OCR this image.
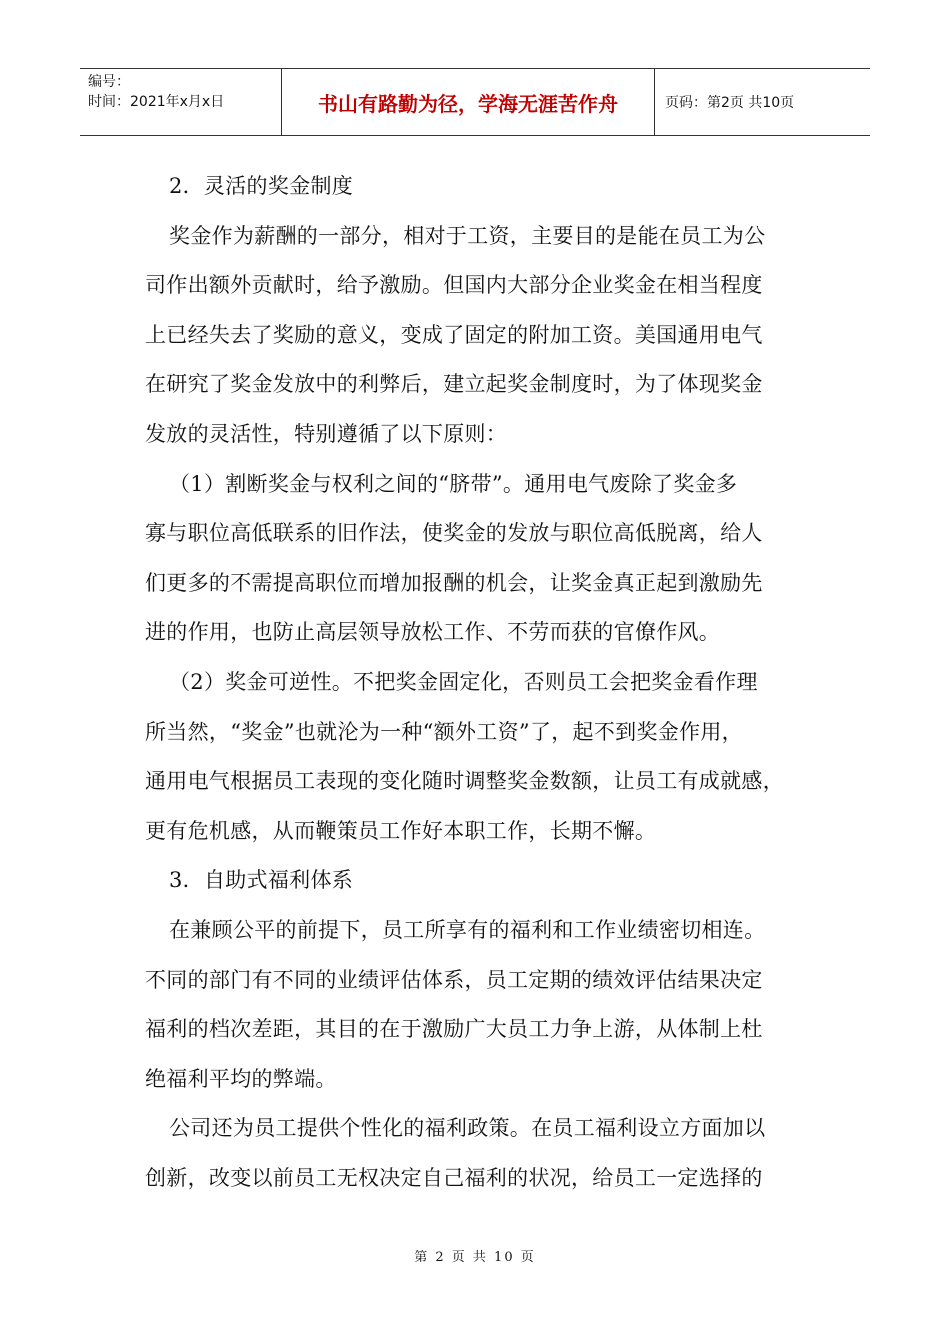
编号：
时间：2021年x月x日	书山有路勤为径，学海无涯苦作舟	页码：第2页 共10页
2．灵活的奖金制度
奖金作为薪酬的一部分，相对于工资，主要目的是能在员工为公
司作出额外贡献时，给予激励。但国内大部分企业奖金在相当程度
上已经失去了奖励的意义，变成了固定的附加工资。美国通用电气
在研究了奖金发放中的利弊后，建立起奖金制度时，为了体现奖金
发放的灵活性，特别遵循了以下原则：
（1）割断奖金与权利之间的“脐带”。通用电气废除了奖金多
寡与职位高低联系的旧作法，使奖金的发放与职位高低脱离，给人
们更多的不需提高职位而增加报酬的机会，让奖金真正起到激励先
进的作用，也防止高层领导放松工作、不劳而获的官僚作风。
（2）奖金可逆性。不把奖金固定化，否则员工会把奖金看作理
所当然，“奖金”也就沦为一种“额外工资”了，起不到奖金作用，
通用电气根据员工表现的变化随时调整奖金数额，让员工有成就感，
更有危机感，从而鞭策员工作好本职工作，长期不懈。
3．自助式福利体系
在兼顾公平的前提下，员工所享有的福利和工作业绩密切相连。
不同的部门有不同的业绩评估体系，员工定期的绩效评估结果决定
福利的档次差距，其目的在于激励广大员工力争上游，从体制上杜
绝福利平均的弊端。
公司还为员工提供个性化的福利政策。在员工福利设立方面加以
创新，改变以前员工无权决定自己福利的状况，给员工一定选择的
第 2 页 共 10 页
